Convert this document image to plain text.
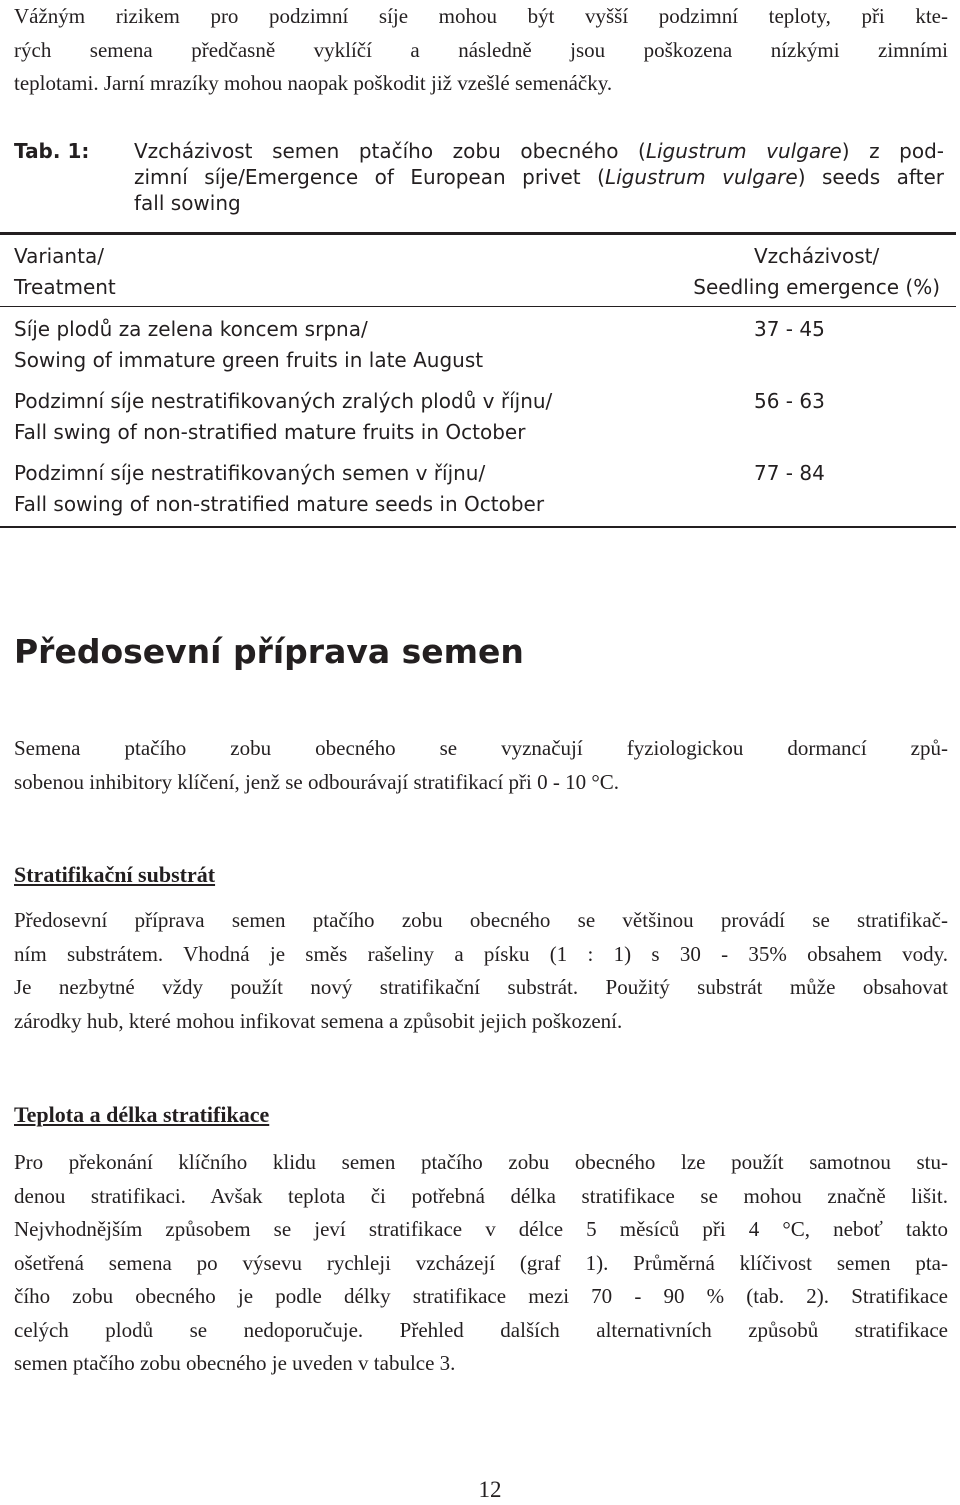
Vážným rizikem pro podzimní síje mohou být vyšší podzimní teploty, při kte-
rých semena předčasně vyklíčí a následně jsou poškozena nízkými zimními
teplotami. Jarní mrazíky mohou naopak poškodit již vzešlé semenáčky.
Tab. 1: Vzcházivost semen ptačího zobu obecného (Ligustrum vulgare) z pod-
zimní síje/Emergence of European privet (Ligustrum vulgare) seeds after
fall sowing
Varianta/
Treatment
Vzcházivost/
Seedling emergence (%)
Síje plodů za zelena koncem srpna/
Sowing of immature green fruits in late August
37 - 45
Podzimní síje nestratifikovaných zralých plodů v říjnu/
Fall swing of non-stratified mature fruits in October
56 - 63
Podzimní síje nestratifikovaných semen v říjnu/
Fall sowing of non-stratified mature seeds in October
77 - 84
Předosevní příprava semen
Semena ptačího zobu obecného se vyznačují fyziologickou dormancí způ-
sobenou inhibitory klíčení, jenž se odbourávají stratifikací při 0 - 10 °C.
Stratifikační substrát
Předosevní příprava semen ptačího zobu obecného se většinou provádí se stratifikač-
ním substrátem. Vhodná je směs rašeliny a písku (1 : 1) s 30 - 35% obsahem vody.
Je nezbytné vždy použít nový stratifikační substrát. Použitý substrát může obsahovat
zárodky hub, které mohou infikovat semena a způsobit jejich poškození.
Teplota a délka stratifikace
Pro překonání klíčního klidu semen ptačího zobu obecného lze použít samotnou stu-
denou stratifikaci. Avšak teplota či potřebná délka stratifikace se mohou značně lišit.
Nejvhodnějším způsobem se jeví stratifikace v délce 5 měsíců při 4 °C, neboť takto
ošetřená semena po výsevu rychleji vzcházejí (graf 1). Průměrná klíčivost semen pta-
čího zobu obecného je podle délky stratifikace mezi 70 - 90 % (tab. 2). Stratifikace
celých plodů se nedoporučuje. Přehled dalších alternativních způsobů stratifikace
semen ptačího zobu obecného je uveden v tabulce 3.
12
